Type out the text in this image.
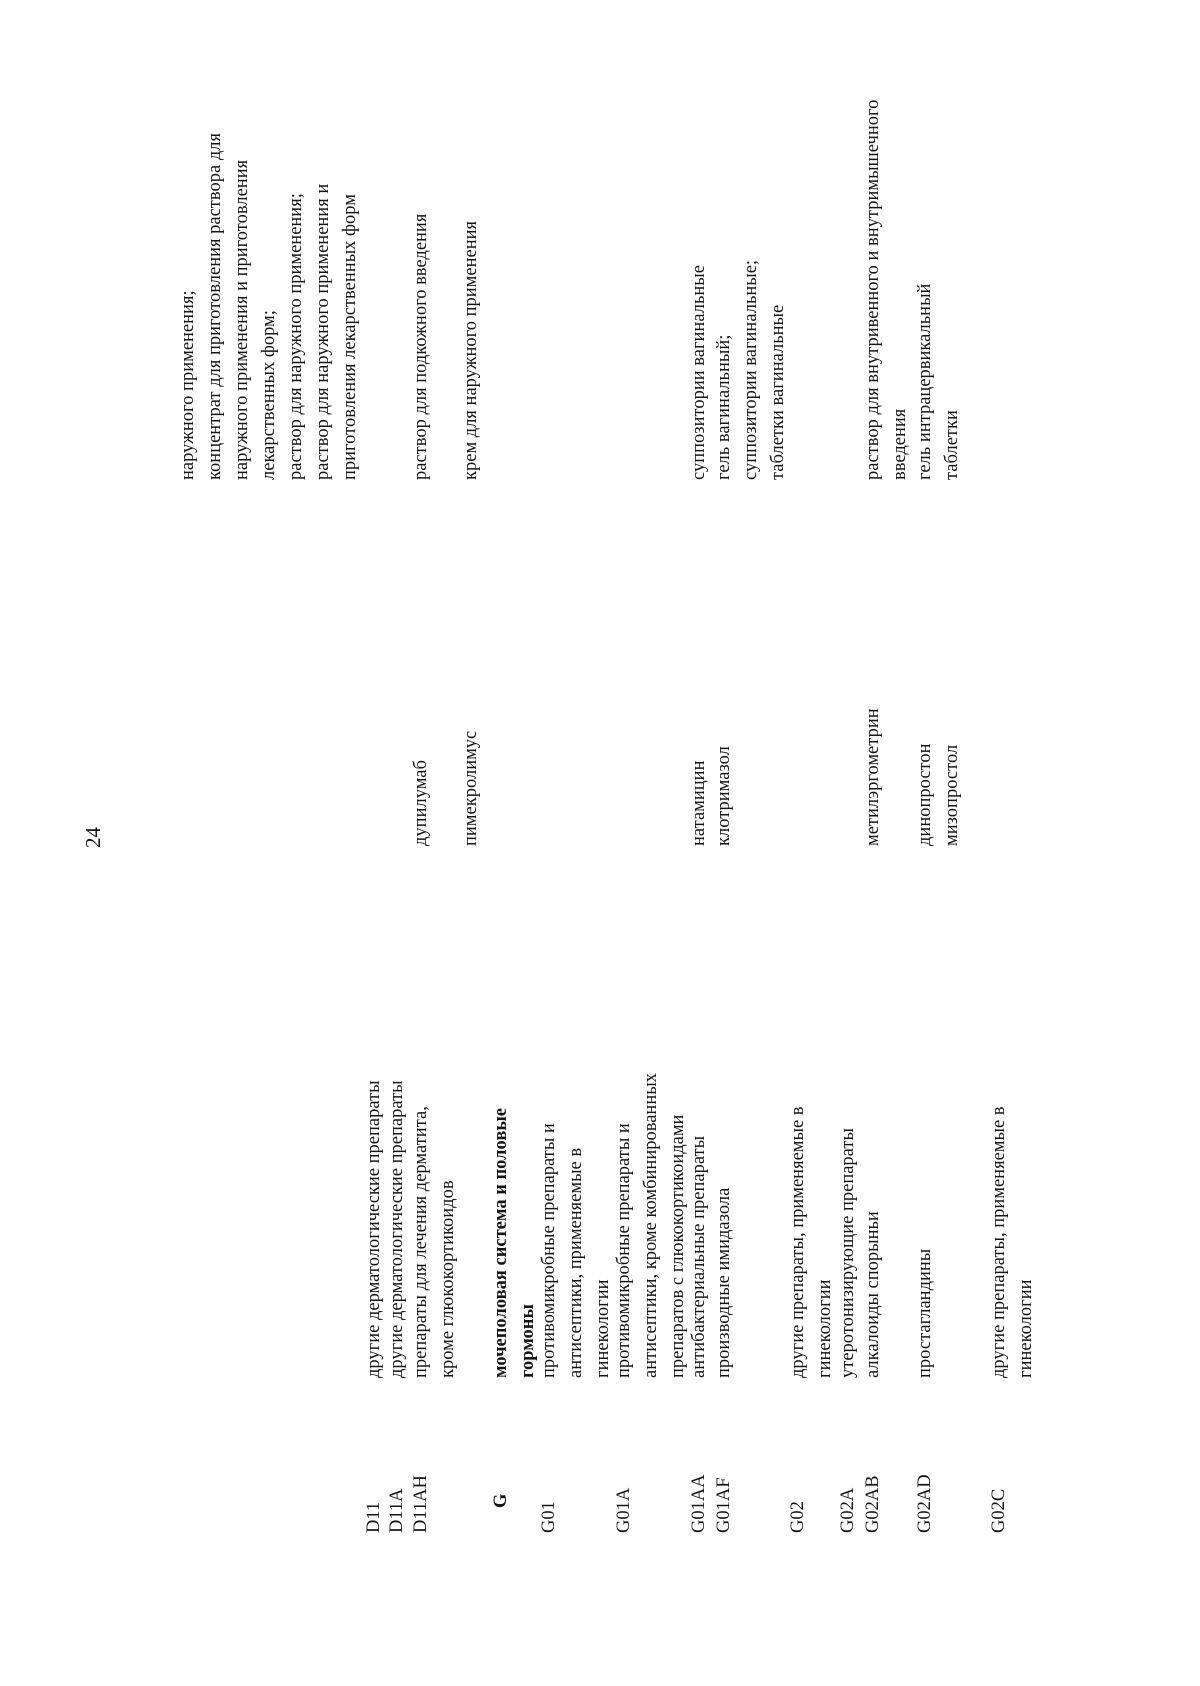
24
D11
другие дерматологические препараты
наружного применения; концентрат для приготовления раствора для наружного применения и приготовления лекарственных форм; раствор для наружного применения; раствор для наружного применения и приготовления лекарственных форм
D11A
другие дерматологические препараты
D11AH
препараты для лечения дерматита, кроме глюкокортикоидов
дупилумаб пимекролимус
раствор для подкожного введения крем для наружного применения
G
мочеполовая система и половые гормоны
G01
противомикробные препараты и антисептики, применяемые в гинекологии
G01A
противомикробные препараты и антисептики, кроме комбинированных препаратов с глюкокортикоидами
G01AA
антибактериальные препараты
натамицин
суппозитории вагинальные
G01AF
производные имидазола
клотримазол
гель вагинальный; суппозитории вагинальные; таблетки вагинальные
G02
другие препараты, применяемые в гинекологии
G02A
утеротонизирующие препараты
G02AB
алкалоиды спорыньи
метилэргометрин
раствор для внутривенного и внутримышечного введения
G02AD
простагландины
динопростон мизопростол
гель интрацервикальный таблетки
G02C
другие препараты, применяемые в гинекологии
